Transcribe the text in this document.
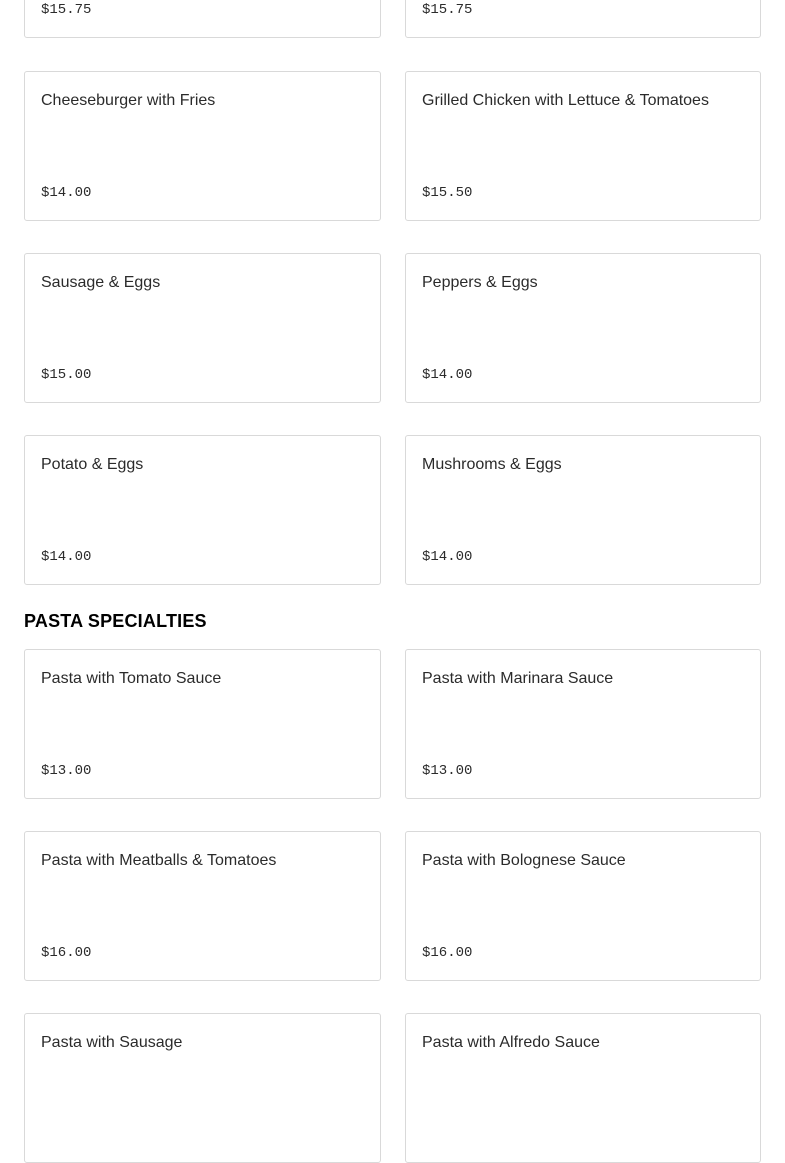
$15.75	$15.75
Cheeseburger with Fries
$14.00
Grilled Chicken with Lettuce & Tomatoes
$15.50
Sausage & Eggs
$15.00
Peppers & Eggs
$14.00
Potato & Eggs
$14.00
Mushrooms & Eggs
$14.00
PASTA SPECIALTIES
Pasta with Tomato Sauce
$13.00
Pasta with Marinara Sauce
$13.00
Pasta with Meatballs & Tomatoes
$16.00
Pasta with Bolognese Sauce
$16.00
Pasta with Sausage	Pasta with Alfredo Sauce
